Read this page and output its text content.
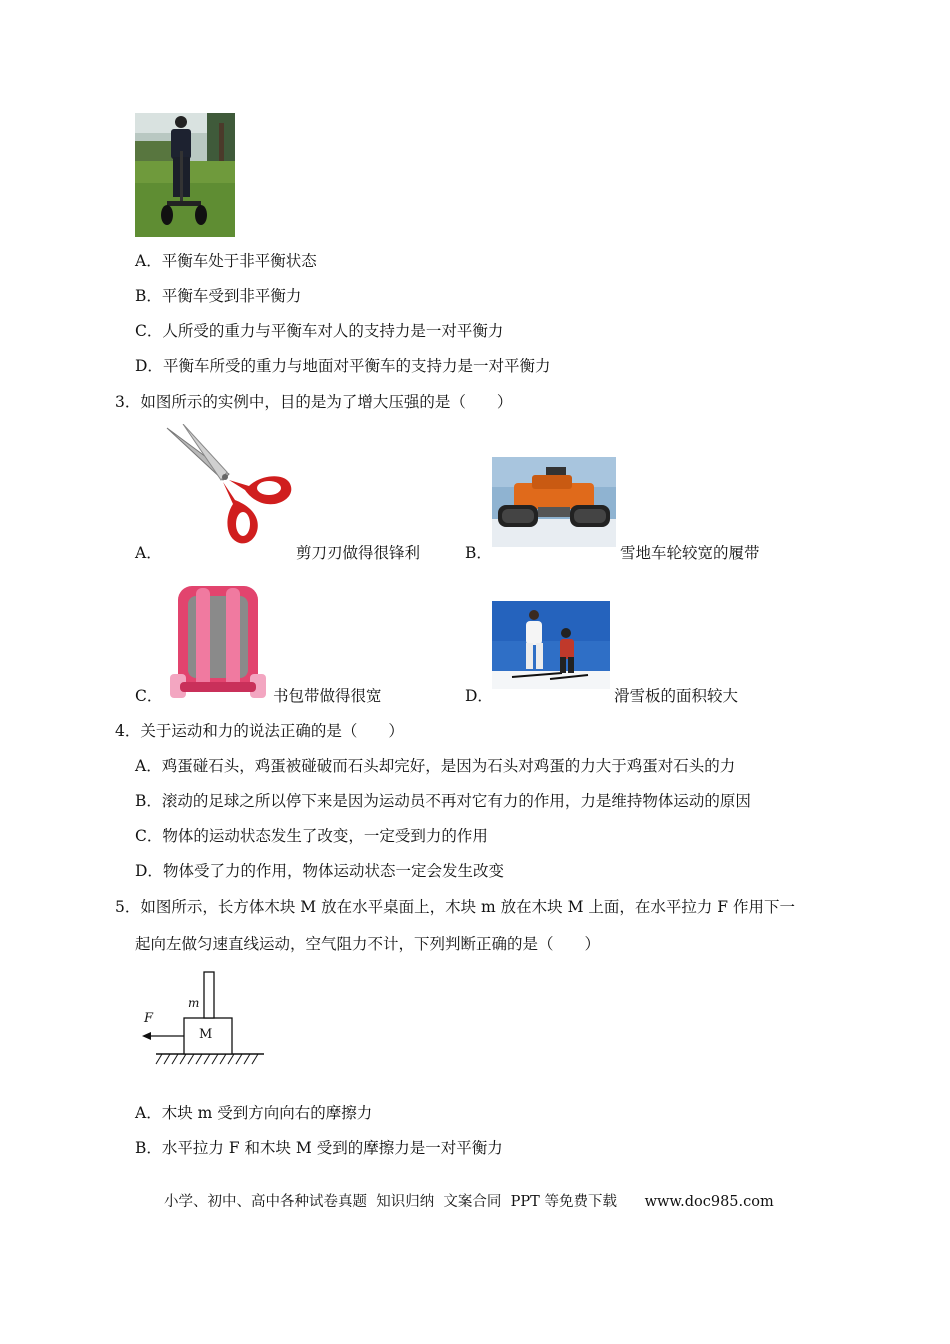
A．平衡车处于非平衡状态
B．平衡车受到非平衡力
C．人所受的重力与平衡车对人的支持力是一对平衡力
D．平衡车所受的重力与地面对平衡车的支持力是一对平衡力
3．如图所示的实例中，目的是为了增大压强的是（　　）
A．	剪刀刃做得很锋利	B．	雪地车轮较宽的履带
C．	书包带做得很宽	D．	滑雪板的面积较大
4．关于运动和力的说法正确的是（　　）
A．鸡蛋碰石头，鸡蛋被碰破而石头却完好，是因为石头对鸡蛋的力大于鸡蛋对石头的力
B．滚动的足球之所以停下来是因为运动员不再对它有力的作用，力是维持物体运动的原因
C．物体的运动状态发生了改变，一定受到力的作用
D．物体受了力的作用，物体运动状态一定会发生改变
5．如图所示，长方体木块 M 放在水平桌面上，木块 m 放在木块 M 上面，在水平拉力 F 作用下一
起向左做匀速直线运动，空气阻力不计，下列判断正确的是（　　）
F
m
M
A．木块 m 受到方向向右的摩擦力
B．水平拉力 F 和木块 M 受到的摩擦力是一对平衡力
小学、初中、高中各种试卷真题  知识归纳  文案合同  PPT 等免费下载      www.doc985.com
